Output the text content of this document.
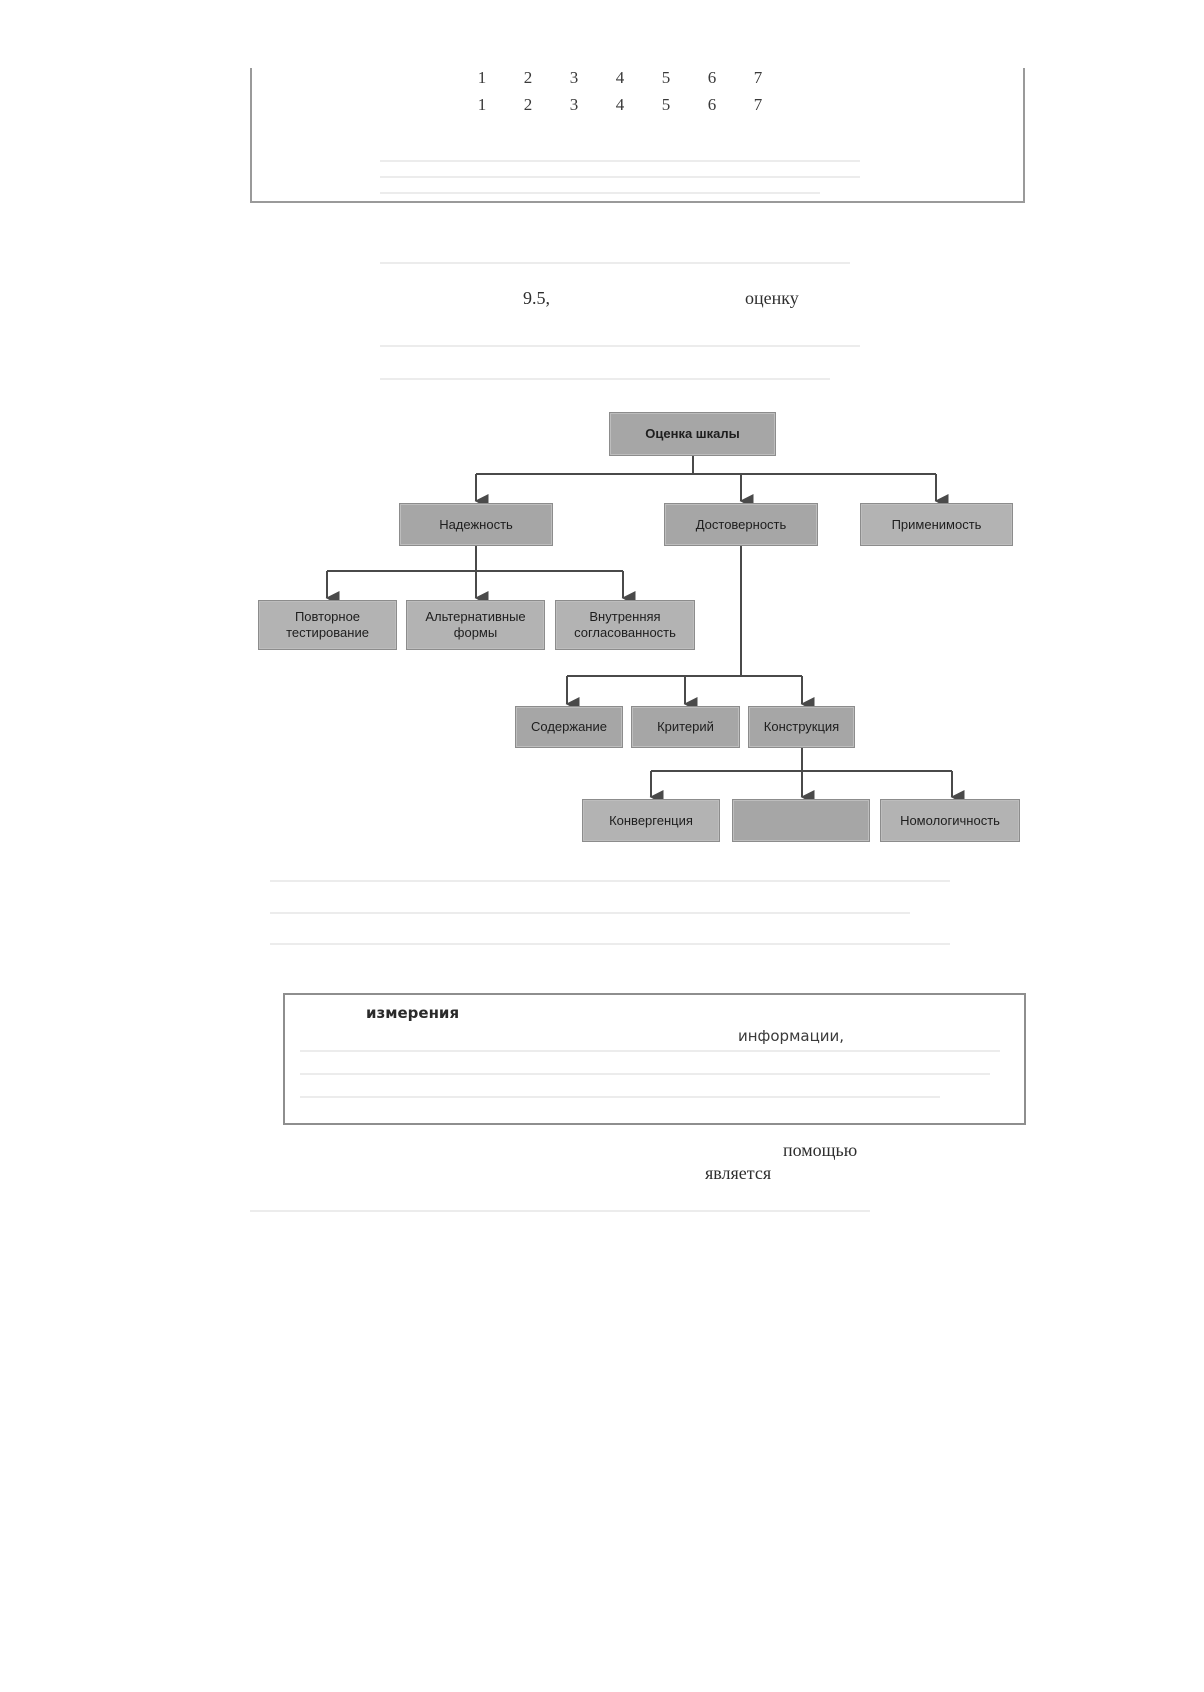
1	2	3	4	5	6	7
1	2	3	4	5	6	7
9.5,	оценку
Оценка шкалы
Надежность	Достоверность	Применимость
Повторное
тестирование
Альтернативные
формы
Внутренняя
согласованность
Содержание	Критерий	Конструкция
Конвергенция	Номологичность
измерения
информации,
помощью
является
